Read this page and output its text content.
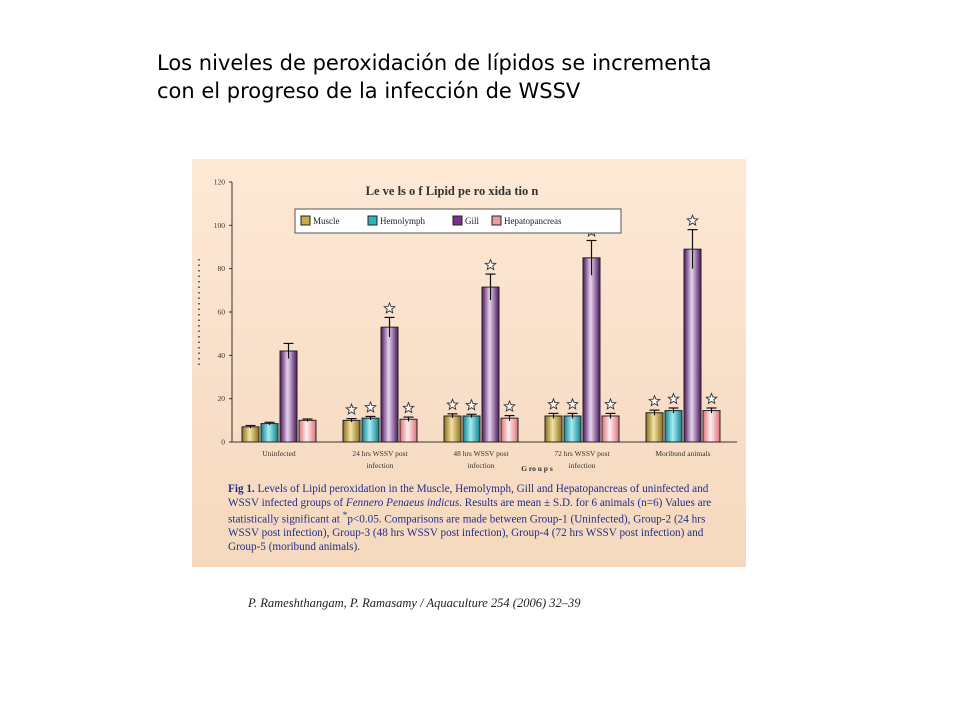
Los niveles de peroxidación de lípidos se incrementa
con el progreso de la infección de WSSV
Le ve ls o f Lipid pe ro xida tio n
0
20
40
60
80
100
120
Uninfected	24 hrs WSSV post
infection
48 hrs WSSV post
infection
72 hrs WSSV post
infection
Moribund animals
Muscle	Hemolymph	Gill	Hepatopancreas
G ro u p s

Fig 1. Levels of Lipid peroxidation in the Muscle, Hemolymph, Gill and Hepatopancreas of uninfected and WSSV infected groups of Fennero Penaeus indicus. Results are mean ± S.D. for 6 animals (n=6) Values are statistically significant at *p<0.05. Comparisons are made between Group-1 (Uninfected), Group-2 (24 hrs WSSV post infection), Group-3 (48 hrs WSSV post infection), Group-4 (72 hrs WSSV post infection) and Group-5 (moribund animals).

P. Rameshthangam, P. Ramasamy / Aquaculture 254 (2006) 32–39
